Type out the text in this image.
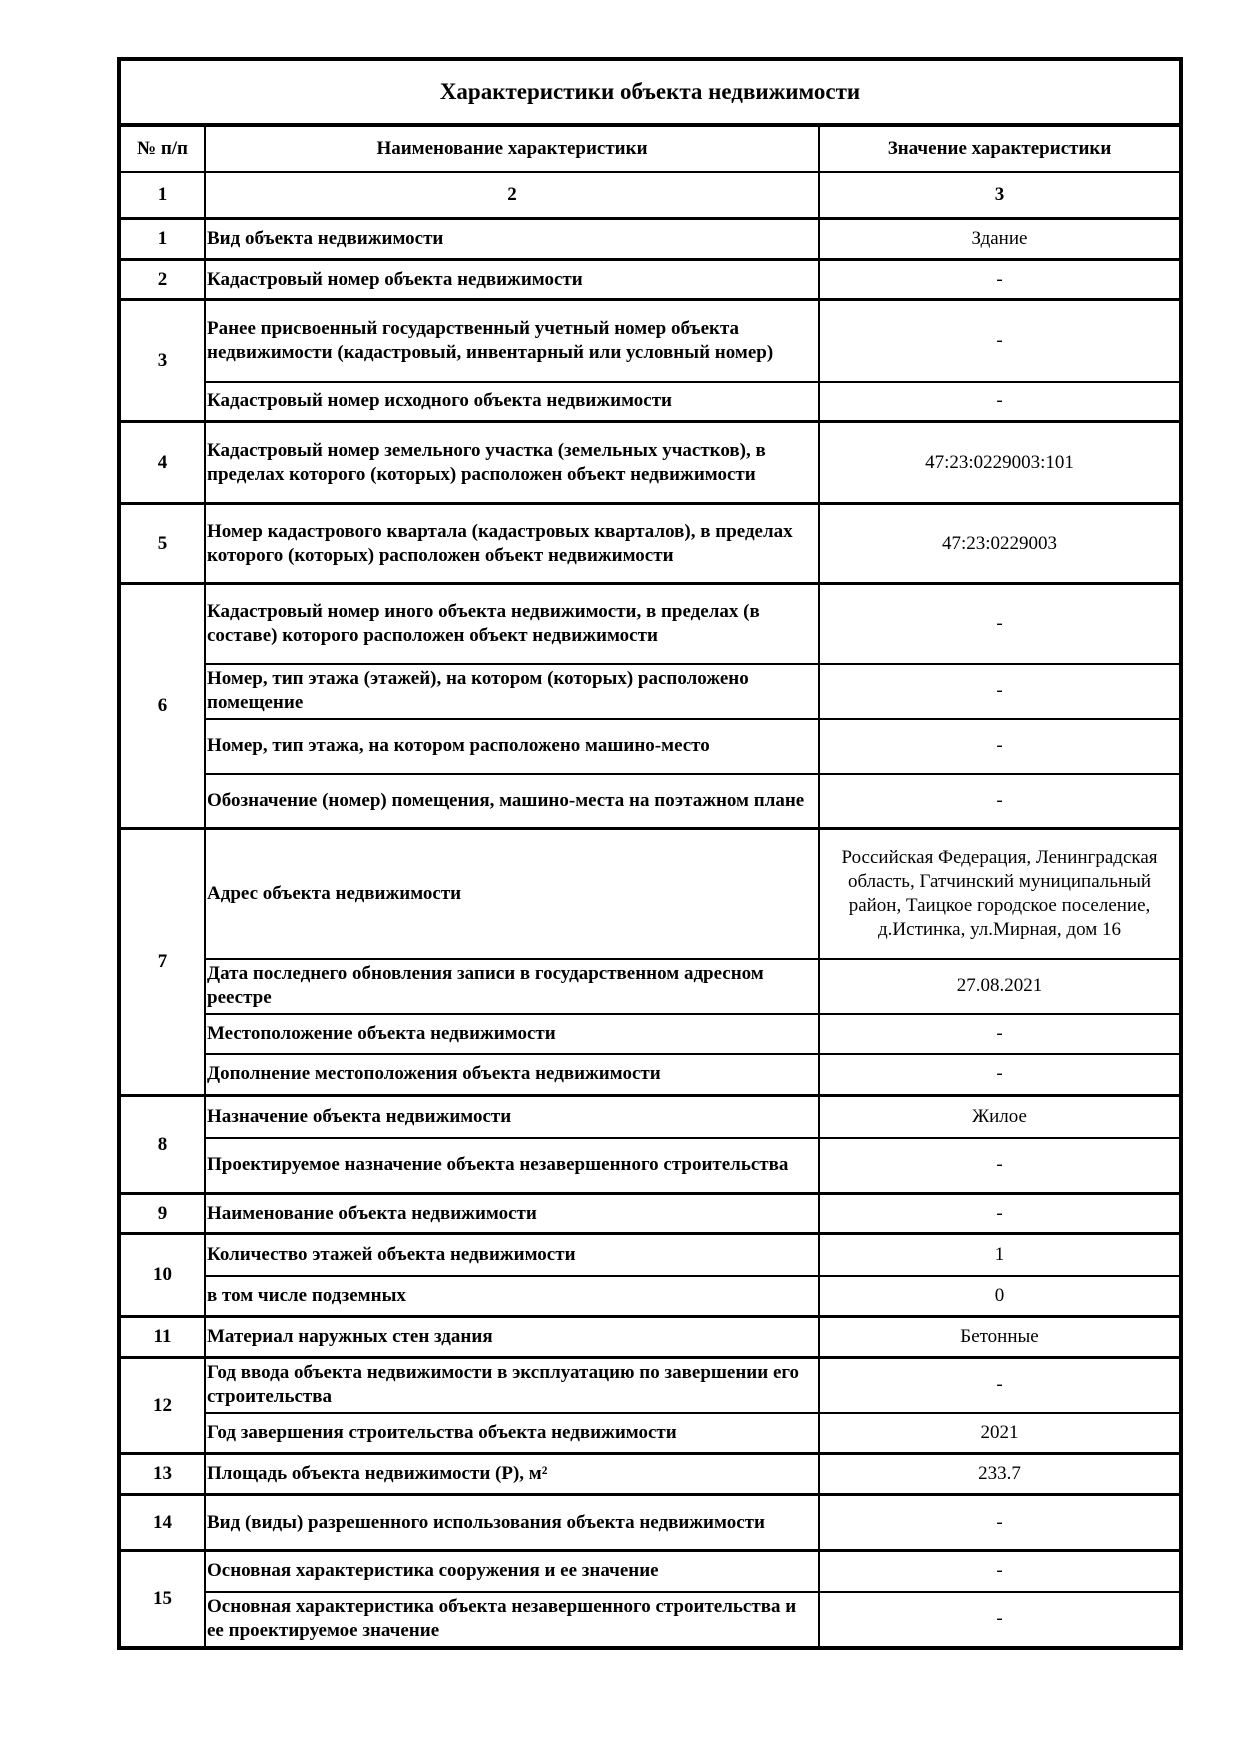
Характеристики объекта недвижимости		
№ п/п	Наименование характеристики	Значение характеристики
1	2	3
1	Вид объекта недвижимости	Здание
2	Кадастровый номер объекта недвижимости	-
3	Ранее присвоенный государственный учетный номер объекта недвижимости (кадастровый, инвентарный или условный номер)	-
	Кадастровый номер исходного объекта недвижимости	-
4	Кадастровый номер земельного участка (земельных участков), в пределах которого (которых) расположен объект недвижимости	47:23:0229003:101
5	Номер кадастрового квартала (кадастровых кварталов), в пределах которого (которых) расположен объект недвижимости	47:23:0229003
6	Кадастровый номер иного объекта недвижимости, в пределах (в составе) которого расположен объект недвижимости	-
	Номер, тип этажа (этажей), на котором (которых) расположено помещение	-
	Номер, тип этажа, на котором расположено машино-место	-
	Обозначение (номер) помещения, машино-места на поэтажном плане	-
7	Адрес объекта недвижимости	Российская Федерация, Ленинградская область, Гатчинский муниципальный район, Таицкое городское поселение, д.Истинка, ул.Мирная, дом 16
	Дата последнего обновления записи в государственном адресном реестре	27.08.2021
	Местоположение объекта недвижимости	-
	Дополнение местоположения объекта недвижимости	-
8	Назначение объекта недвижимости	Жилое
	Проектируемое назначение объекта незавершенного строительства	-
9	Наименование объекта недвижимости	-
10	Количество этажей объекта недвижимости	1
	в том числе подземных	0
11	Материал наружных стен здания	Бетонные
12	Год ввода объекта недвижимости в эксплуатацию по завершении его строительства	-
	Год завершения строительства объекта недвижимости	2021
13	Площадь объекта недвижимости (Р), м²	233.7
14	Вид (виды) разрешенного использования объекта недвижимости	-
15	Основная характеристика сооружения и ее значение	-
	Основная характеристика объекта незавершенного строительства и ее проектируемое значение	-
